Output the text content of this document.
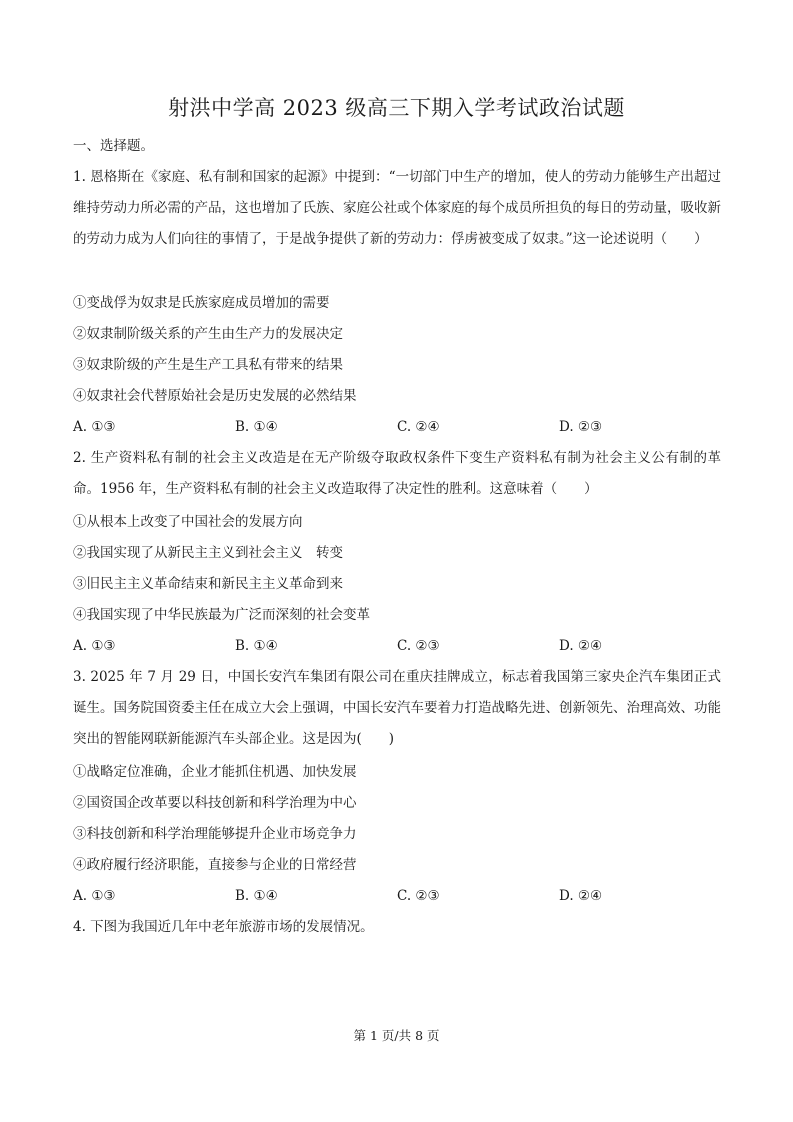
射洪中学高 2023 级高三下期入学考试政治试题
一、选择题。
1. 恩格斯在《家庭、私有制和国家的起源》中提到：“一切部门中生产的增加，使人的劳动力能够生产出超过维持劳动力所必需的产品，这也增加了氏族、家庭公社或个体家庭的每个成员所担负的每日的劳动量，吸收新的劳动力成为人们向往的事情了，于是战争提供了新的劳动力：俘虏被变成了奴隶。”这一论述说明（　　）
①变战俘为奴隶是氏族家庭成员增加的需要
②奴隶制阶级关系的产生由生产力的发展决定
③奴隶阶级的产生是生产工具私有带来的结果
④奴隶社会代替原始社会是历史发展的必然结果
A. ①③	B. ①④	C. ②④	D. ②③
2. 生产资料私有制的社会主义改造是在无产阶级夺取政权条件下变生产资料私有制为社会主义公有制的革命。1956 年，生产资料私有制的社会主义改造取得了决定性的胜利。这意味着（　　）
①从根本上改变了中国社会的发展方向
②我国实现了从新民主主义到社会主义　转变
③旧民主主义革命结束和新民主主义革命到来
④我国实现了中华民族最为广泛而深刻的社会变革
A. ①③	B. ①④	C. ②③	D. ②④
3. 2025 年 7 月 29 日，中国长安汽车集团有限公司在重庆挂牌成立，标志着我国第三家央企汽车集团正式诞生。国务院国资委主任在成立大会上强调，中国长安汽车要着力打造战略先进、创新领先、治理高效、功能突出的智能网联新能源汽车头部企业。这是因为(　　)
①战略定位准确，企业才能抓住机遇、加快发展
②国资国企改革要以科技创新和科学治理为中心
③科技创新和科学治理能够提升企业市场竞争力
④政府履行经济职能，直接参与企业的日常经营
A. ①③	B. ①④	C. ②③	D. ②④
4. 下图为我国近几年中老年旅游市场的发展情况。
第 1 页/共 8 页
